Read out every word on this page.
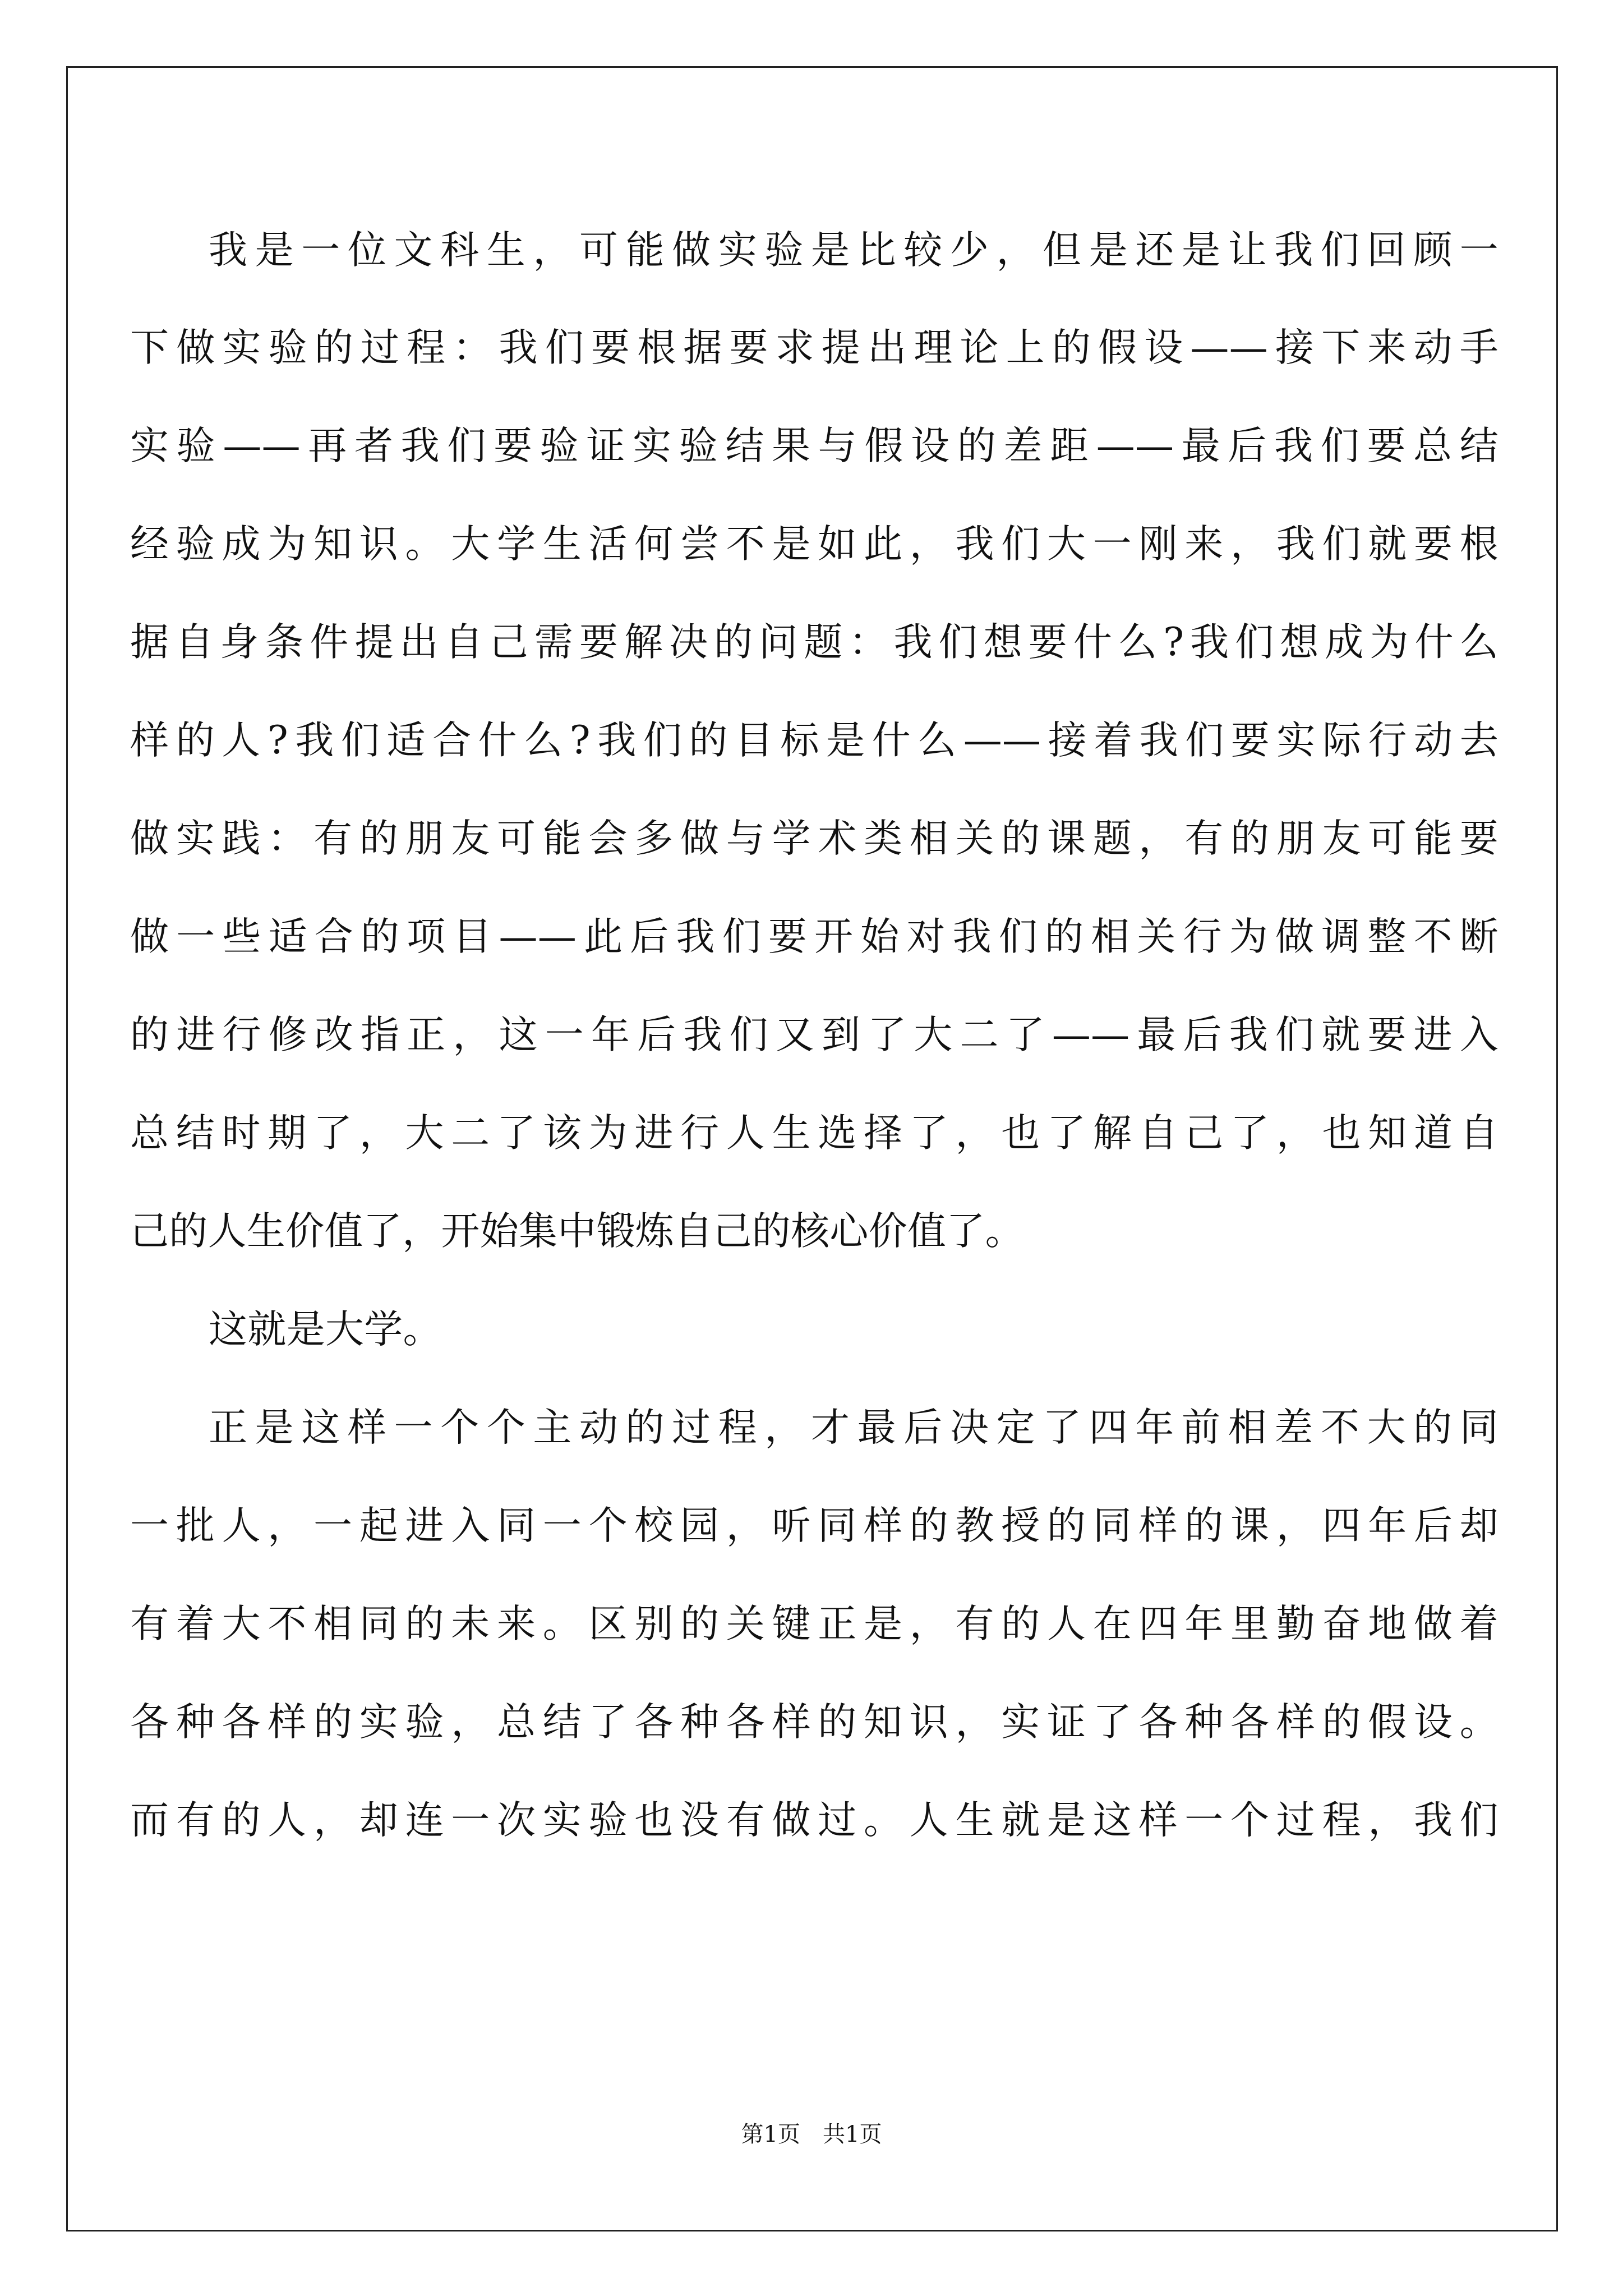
我是一位文科生，可能做实验是比较少，但是还是让我们回顾一
下做实验的过程：我们要根据要求提出理论上的假设——接下来动手
实验——再者我们要验证实验结果与假设的差距——最后我们要总结
经验成为知识。大学生活何尝不是如此，我们大一刚来，我们就要根
据自身条件提出自己需要解决的问题：我们想要什么?我们想成为什么
样的人?我们适合什么?我们的目标是什么——接着我们要实际行动去
做实践：有的朋友可能会多做与学术类相关的课题，有的朋友可能要
做一些适合的项目——此后我们要开始对我们的相关行为做调整不断
的进行修改指正，这一年后我们又到了大二了——最后我们就要进入
总结时期了，大二了该为进行人生选择了，也了解自己了，也知道自
己的人生价值了，开始集中锻炼自己的核心价值了。
这就是大学。
正是这样一个个主动的过程，才最后决定了四年前相差不大的同
一批人，一起进入同一个校园，听同样的教授的同样的课，四年后却
有着大不相同的未来。区别的关键正是，有的人在四年里勤奋地做着
各种各样的实验，总结了各种各样的知识，实证了各种各样的假设。
而有的人，却连一次实验也没有做过。人生就是这样一个过程，我们
第1页　共1页
